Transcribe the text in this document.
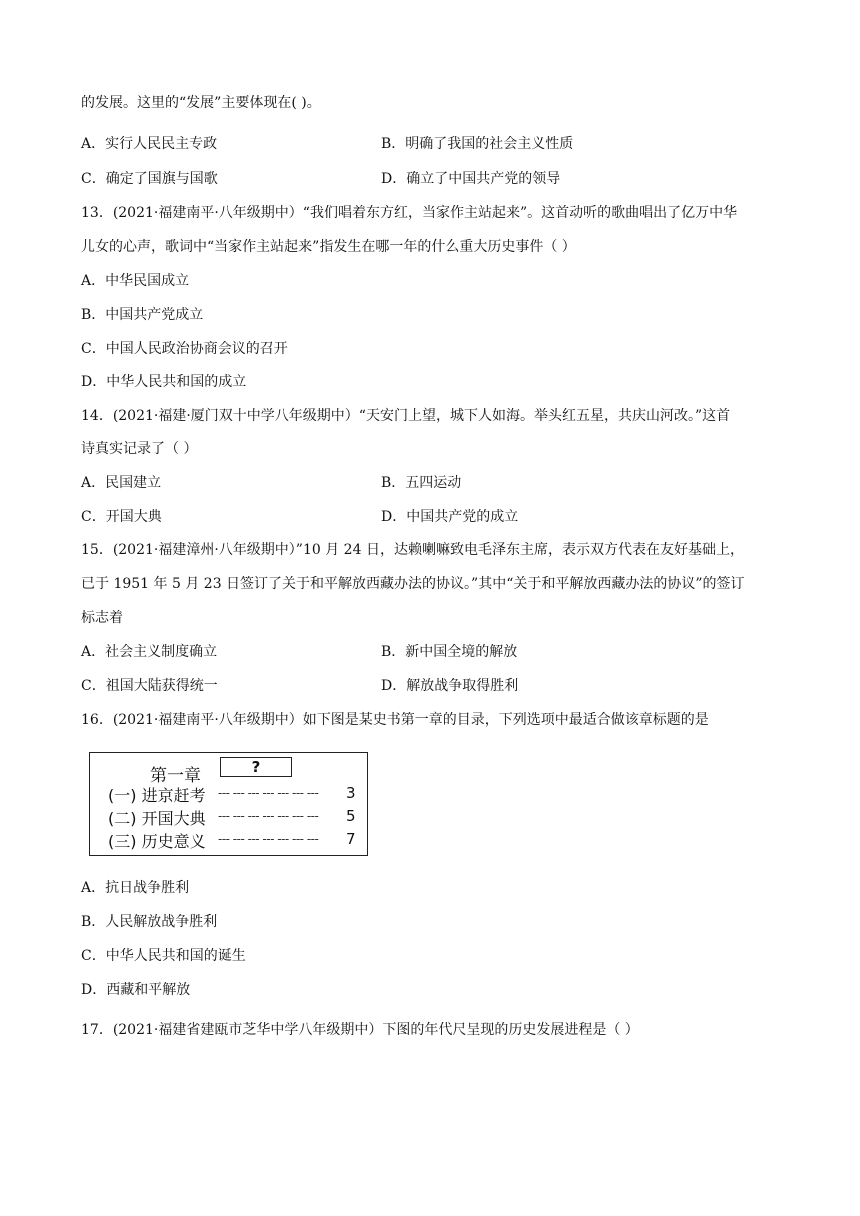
的发展。这里的“发展”主要体现在( )。
A．实行人民民主专政	B．明确了我国的社会主义性质
C．确定了国旗与国歌	D．确立了中国共产党的领导
13．(2021·福建南平·八年级期中）“我们唱着东方红，当家作主站起来”。这首动听的歌曲唱出了亿万中华
儿女的心声，歌词中“当家作主站起来”指发生在哪一年的什么重大历史事件（ ）
A．中华民国成立
B．中国共产党成立
C．中国人民政治协商会议的召开
D．中华人民共和国的成立
14．(2021·福建·厦门双十中学八年级期中）“天安门上望，城下人如海。举头红五星，共庆山河改。”这首
诗真实记录了（ ）
A．民国建立	B．五四运动
C．开国大典	D．中国共产党的成立
15．(2021·福建漳州·八年级期中）”10 月 24 日，达赖喇嘛致电毛泽东主席，表示双方代表在友好基础上，
已于 1951 年 5 月 23 日签订了关于和平解放西藏办法的协议。”其中“关于和平解放西藏办法的协议”的签订
标志着
A．社会主义制度确立	B．新中国全境的解放
C．祖国大陆获得统一	D．解放战争取得胜利
16．(2021·福建南平·八年级期中）如下图是某史书第一章的目录，下列选项中最适合做该章标题的是
第一章	?
(一) 进京赶考 --- --- --- --- --- --- --- 3
(二) 开国大典 --- --- --- --- --- --- --- 5
(三) 历史意义 --- --- --- --- --- --- --- 7
A．抗日战争胜利
B．人民解放战争胜利
C．中华人民共和国的诞生
D．西藏和平解放
17．(2021·福建省建瓯市芝华中学八年级期中）下图的年代尺呈现的历史发展进程是（ ）
